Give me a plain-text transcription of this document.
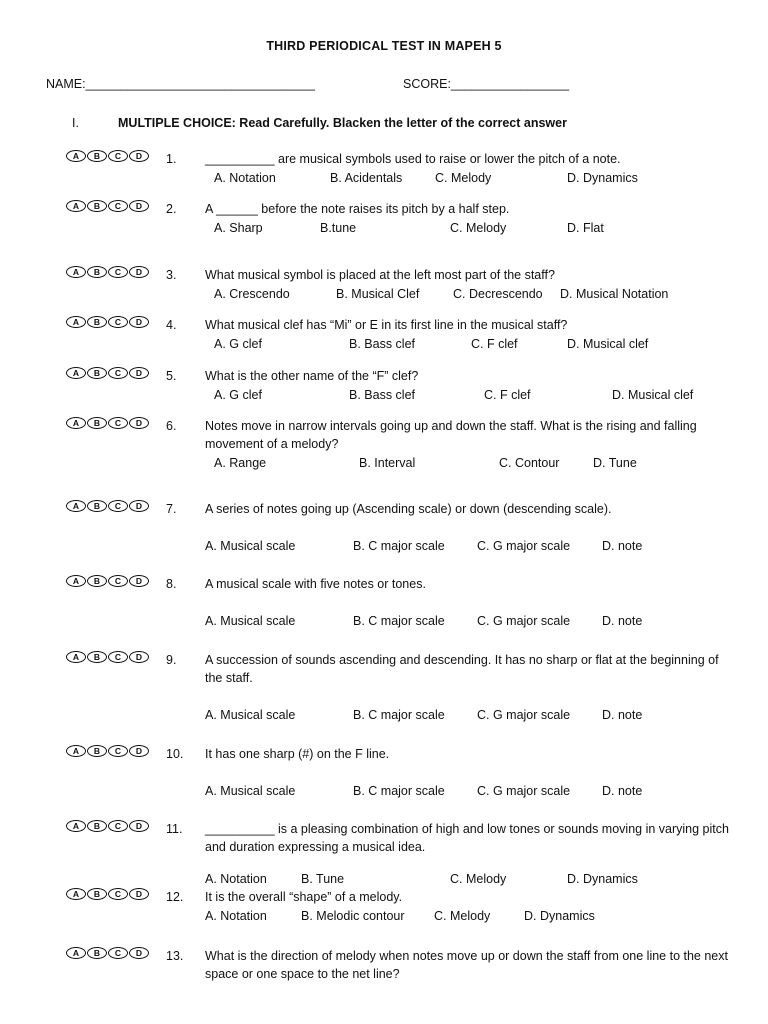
THIRD PERIODICAL TEST IN MAPEH 5
NAME:_________________________________	SCORE:_________________
I.	MULTIPLE CHOICE: Read Carefully. Blacken the letter of the correct answer
A	B	C	D	1. __________ are musical symbols used to raise or lower the pitch of a note.
A. Notation	B. Acidentals	C. Melody	D. Dynamics
A	B	C	D	2. A ______ before the note raises its pitch by a half step.
A. Sharp	B.tune	C. Melody	D. Flat
A	B	C	D	3. What musical symbol is placed at the left most part of the staff?
A. Crescendo	B. Musical Clef	C. Decrescendo D. Musical Notation
A	B	C	D	4. What musical clef has “Mi” or E in its first line in the musical staff?
A. G clef	B. Bass clef	C. F clef	D. Musical clef
A	B	C	D	5. What is the other name of the “F” clef?
A. G clef	B. Bass clef	C. F clef	D. Musical clef
A	B	C	D	6. Notes move in narrow intervals going up and down the staff. What is the rising and falling movement of a melody?
A. Range	B. Interval	C. Contour	D. Tune
A	B	C	D	7. A series of notes going up (Ascending scale) or down (descending scale).
A. Musical scale	B. C major scale	C. G major scale	D. note
A	B	C	D	8. A musical scale with five notes or tones.
A. Musical scale	B. C major scale	C. G major scale	D. note
A	B	C	D	9. A succession of sounds ascending and descending. It has no sharp or flat at the beginning of the staff.
A. Musical scale	B. C major scale	C. G major scale	D. note
A	B	C	D	10. It has one sharp (#) on the F line.
A. Musical scale	B. C major scale	C. G major scale	D. note
A	B	C	D	11. __________ is a pleasing combination of high and low tones or sounds moving in varying pitch and duration expressing a musical idea.
A. Notation	B. Tune	C. Melody	D. Dynamics
A	B	C	D	12. It is the overall “shape” of a melody.
A. Notation	B. Melodic contour C. Melody	D. Dynamics
A	B	C	D	13. What is the direction of melody when notes move up or down the staff from one line to the next space or one space to the net line?
